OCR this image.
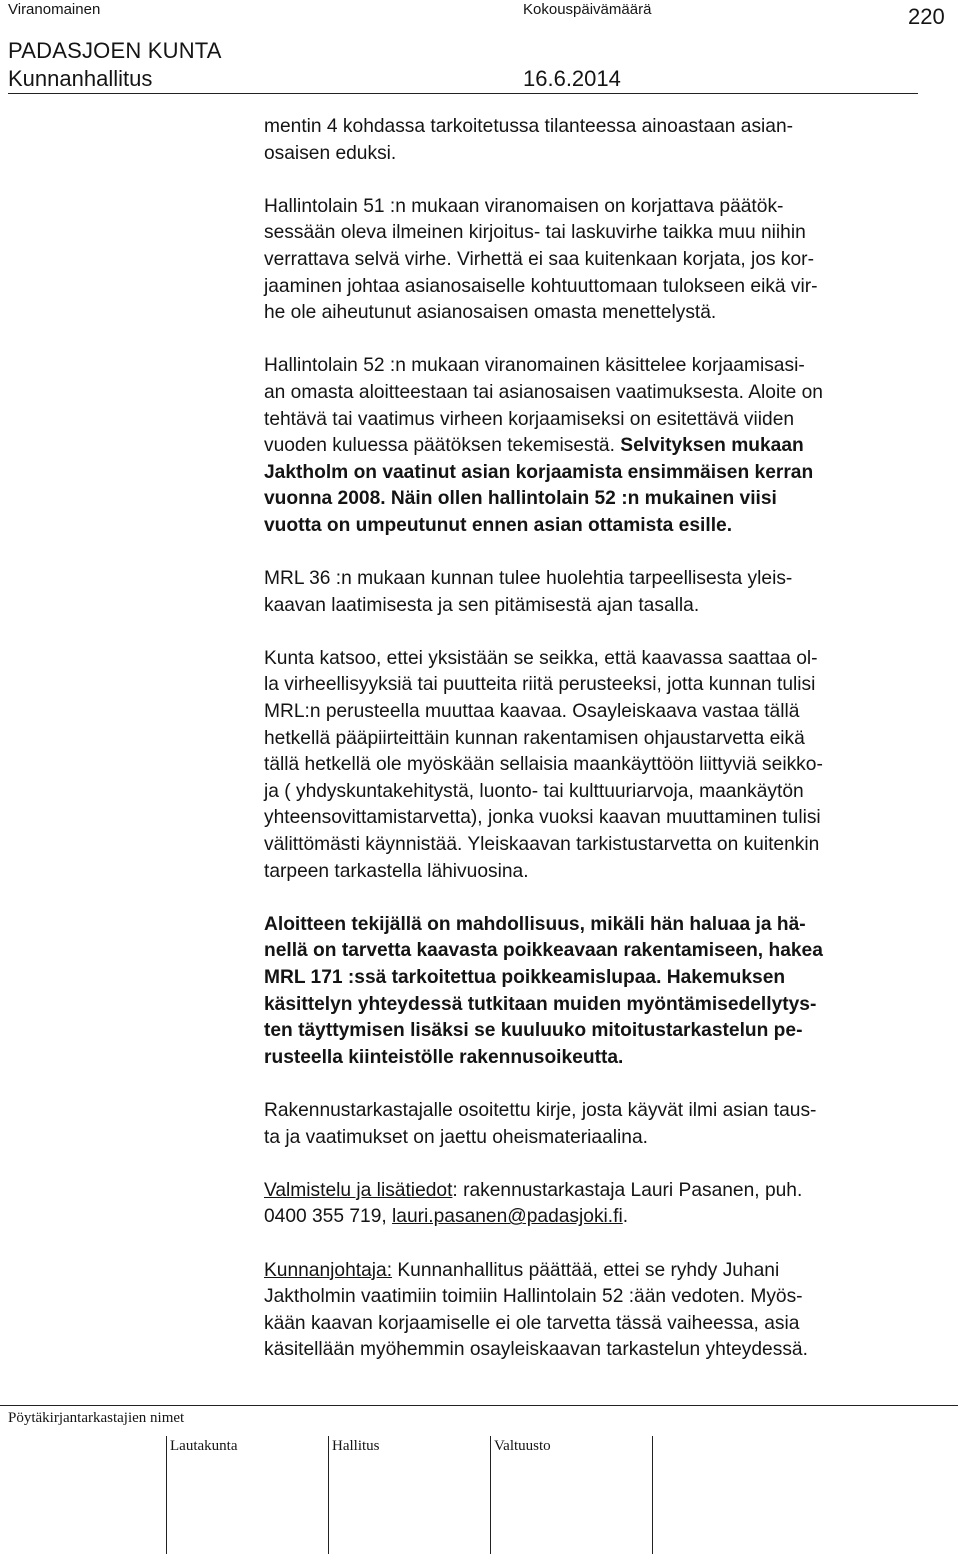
Viranomainen	Kokouspäivämäärä	220
PADASJOEN KUNTA
Kunnanhallitus	16.6.2014

mentin 4 kohdassa tarkoitetussa tilanteessa ainoastaan asian-
osaisen eduksi.

Hallintolain 51 :n mukaan viranomaisen on korjattava päätök-
sessään oleva ilmeinen kirjoitus- tai laskuvirhe taikka muu niihin
verrattava selvä virhe. Virhettä ei saa kuitenkaan korjata, jos kor-
jaaminen johtaa asianosaiselle kohtuuttomaan tulokseen eikä vir-
he ole aiheutunut asianosaisen omasta menettelystä.

Hallintolain 52 :n mukaan viranomainen käsittelee korjaamisasi-
an omasta aloitteestaan tai asianosaisen vaatimuksesta. Aloite on
tehtävä tai vaatimus virheen korjaamiseksi on esitettävä viiden
vuoden kuluessa päätöksen tekemisestä. Selvityksen mukaan
Jaktholm on vaatinut asian korjaamista ensimmäisen kerran
vuonna 2008. Näin ollen hallintolain 52 :n mukainen viisi
vuotta on umpeutunut ennen asian ottamista esille.

MRL 36 :n mukaan kunnan tulee huolehtia tarpeellisesta yleis-
kaavan laatimisesta ja sen pitämisestä ajan tasalla.

Kunta katsoo, ettei yksistään se seikka, että kaavassa saattaa ol-
la virheellisyyksiä tai puutteita riitä perusteeksi, jotta kunnan tulisi
MRL:n perusteella muuttaa kaavaa. Osayleiskaava vastaa tällä
hetkellä pääpiirteittäin kunnan rakentamisen ohjaustarvetta eikä
tällä hetkellä ole myöskään sellaisia maankäyttöön liittyviä seikko-
ja ( yhdyskuntakehitystä, luonto- tai kulttuuriarvoja, maankäytön
yhteensovittamistarvetta), jonka vuoksi kaavan muuttaminen tulisi
välittömästi käynnistää. Yleiskaavan tarkistustarvetta on kuitenkin
tarpeen tarkastella lähivuosina.

Aloitteen tekijällä on mahdollisuus, mikäli hän haluaa ja hä-
nellä on tarvetta kaavasta poikkeavaan rakentamiseen, hakea
MRL 171 :ssä tarkoitettua poikkeamislupaa. Hakemuksen
käsittelyn yhteydessä tutkitaan muiden myöntämisedellytys-
ten täyttymisen lisäksi se kuuluuko mitoitustarkastelun pe-
rusteella kiinteistölle rakennusoikeutta.

Rakennustarkastajalle osoitettu kirje, josta käyvät ilmi asian taus-
ta ja vaatimukset on jaettu oheismateriaalina.

Valmistelu ja lisätiedot: rakennustarkastaja Lauri Pasanen, puh.
0400 355 719, lauri.pasanen@padasjoki.fi.

Kunnanjohtaja: Kunnanhallitus päättää, ettei se ryhdy Juhani
Jaktholmin vaatimiin toimiin Hallintolain 52 :ään vedoten. Myös-
kään kaavan korjaamiselle ei ole tarvetta tässä vaiheessa, asia
käsitellään myöhemmin osayleiskaavan tarkastelun yhteydessä.

Pöytäkirjantarkastajien nimet
Lautakunta	Hallitus	Valtuusto
